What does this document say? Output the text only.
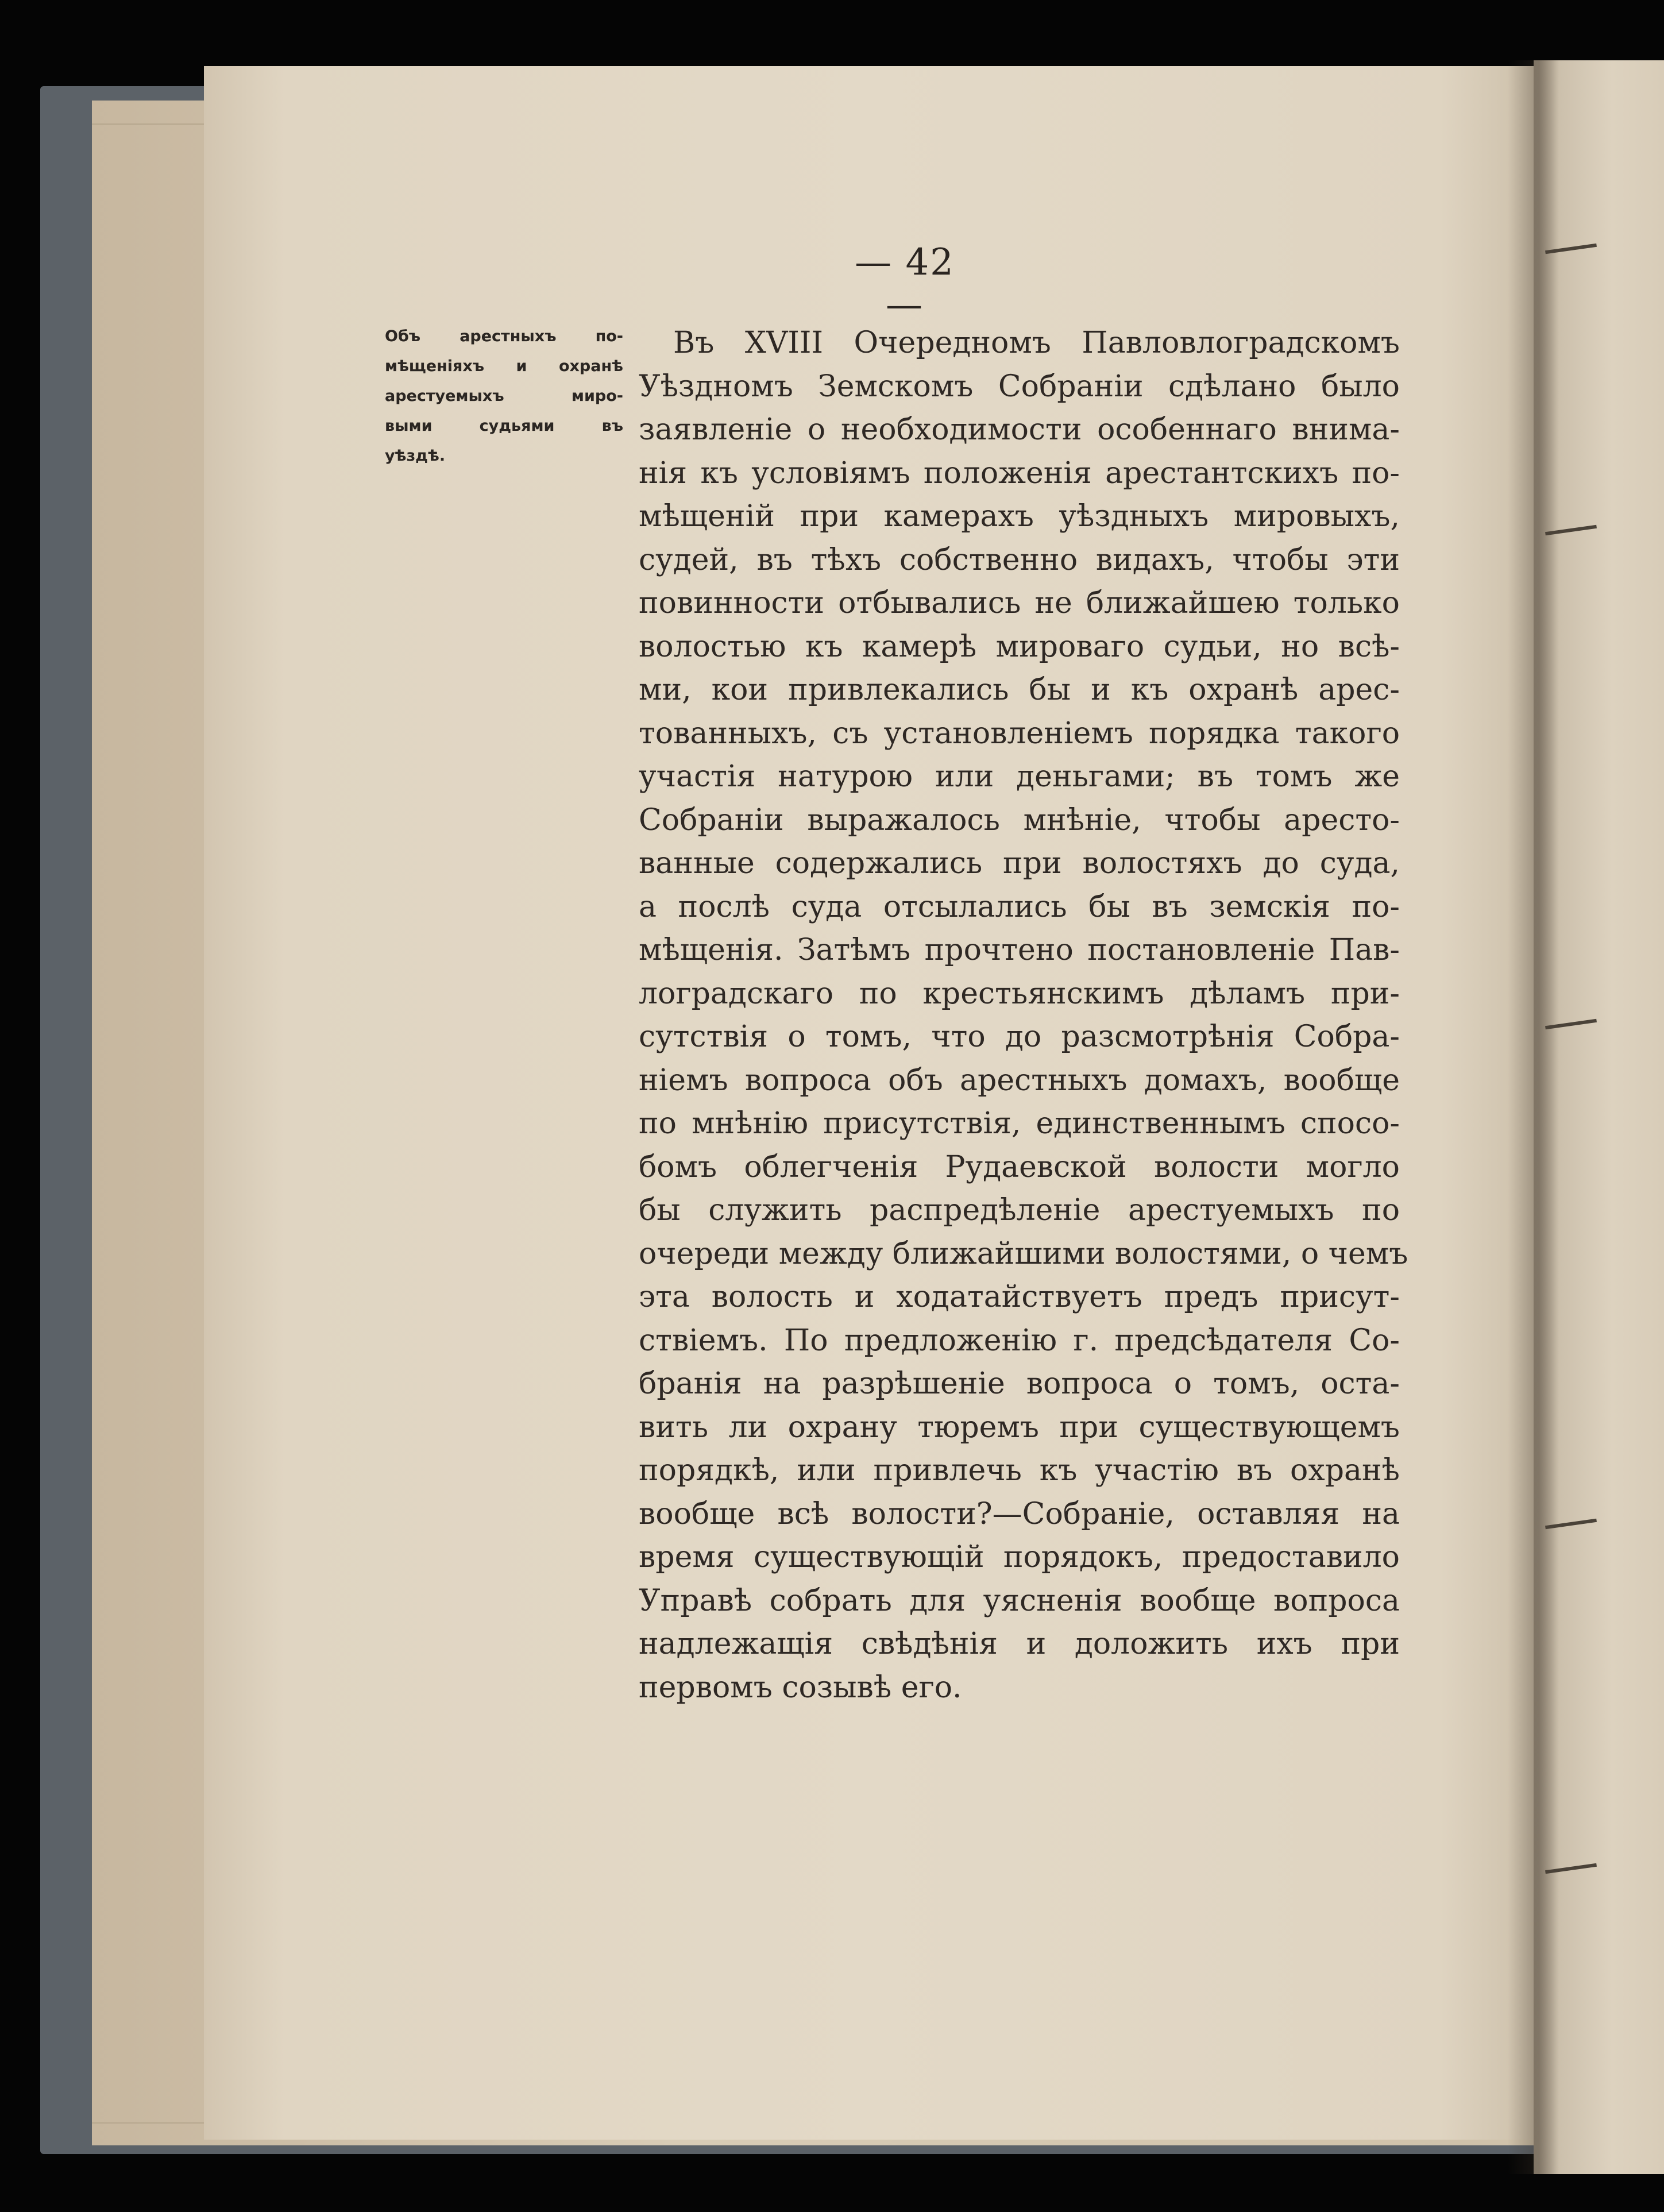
— 42 —
Объ арестныхъ по-
мѣщеніяхъ и охранѣ
арестуемыхъ миро-
выми судьями въ
уѣздѣ.
Въ XVIII Очередномъ Павловлоградскомъ
Уѣздномъ Земскомъ Собраніи сдѣлано было
заявленіе о необходимости особеннаго внима-
нія къ условіямъ положенія арестантскихъ по-
мѣщеній при камерахъ уѣздныхъ мировыхъ,
судей, въ тѣхъ собственно видахъ, чтобы эти
повинности отбывались не ближайшею только
волостью къ камерѣ мироваго судьи, но всѣ-
ми, кои привлекались бы и къ охранѣ арес-
тованныхъ, съ установленіемъ порядка такого
участія натурою или деньгами; въ томъ же
Собраніи выражалось мнѣніе, чтобы аресто-
ванные содержались при волостяхъ до суда,
а послѣ суда отсылались бы въ земскія по-
мѣщенія. Затѣмъ прочтено постановленіе Пав-
лоградскаго по крестьянскимъ дѣламъ при-
сутствія о томъ, что до разсмотрѣнія Собра-
ніемъ вопроса объ арестныхъ домахъ, вообще
по мнѣнію присутствія, единственнымъ спосо-
бомъ облегченія Рудаевской волости могло
бы служить распредѣленіе арестуемыхъ по
очереди между ближайшими волостями, о чемъ
эта волость и ходатайствуетъ предъ присут-
ствіемъ. По предложенію г. предсѣдателя Со-
бранія на разрѣшеніе вопроса о томъ, оста-
вить ли охрану тюремъ при существующемъ
порядкѣ, или привлечь къ участію въ охранѣ
вообще всѣ волости?—Собраніе, оставляя на
время существующій порядокъ, предоставило
Управѣ собрать для уясненія вообще вопроса
надлежащія свѣдѣнія и доложить ихъ при
первомъ созывѣ его.
